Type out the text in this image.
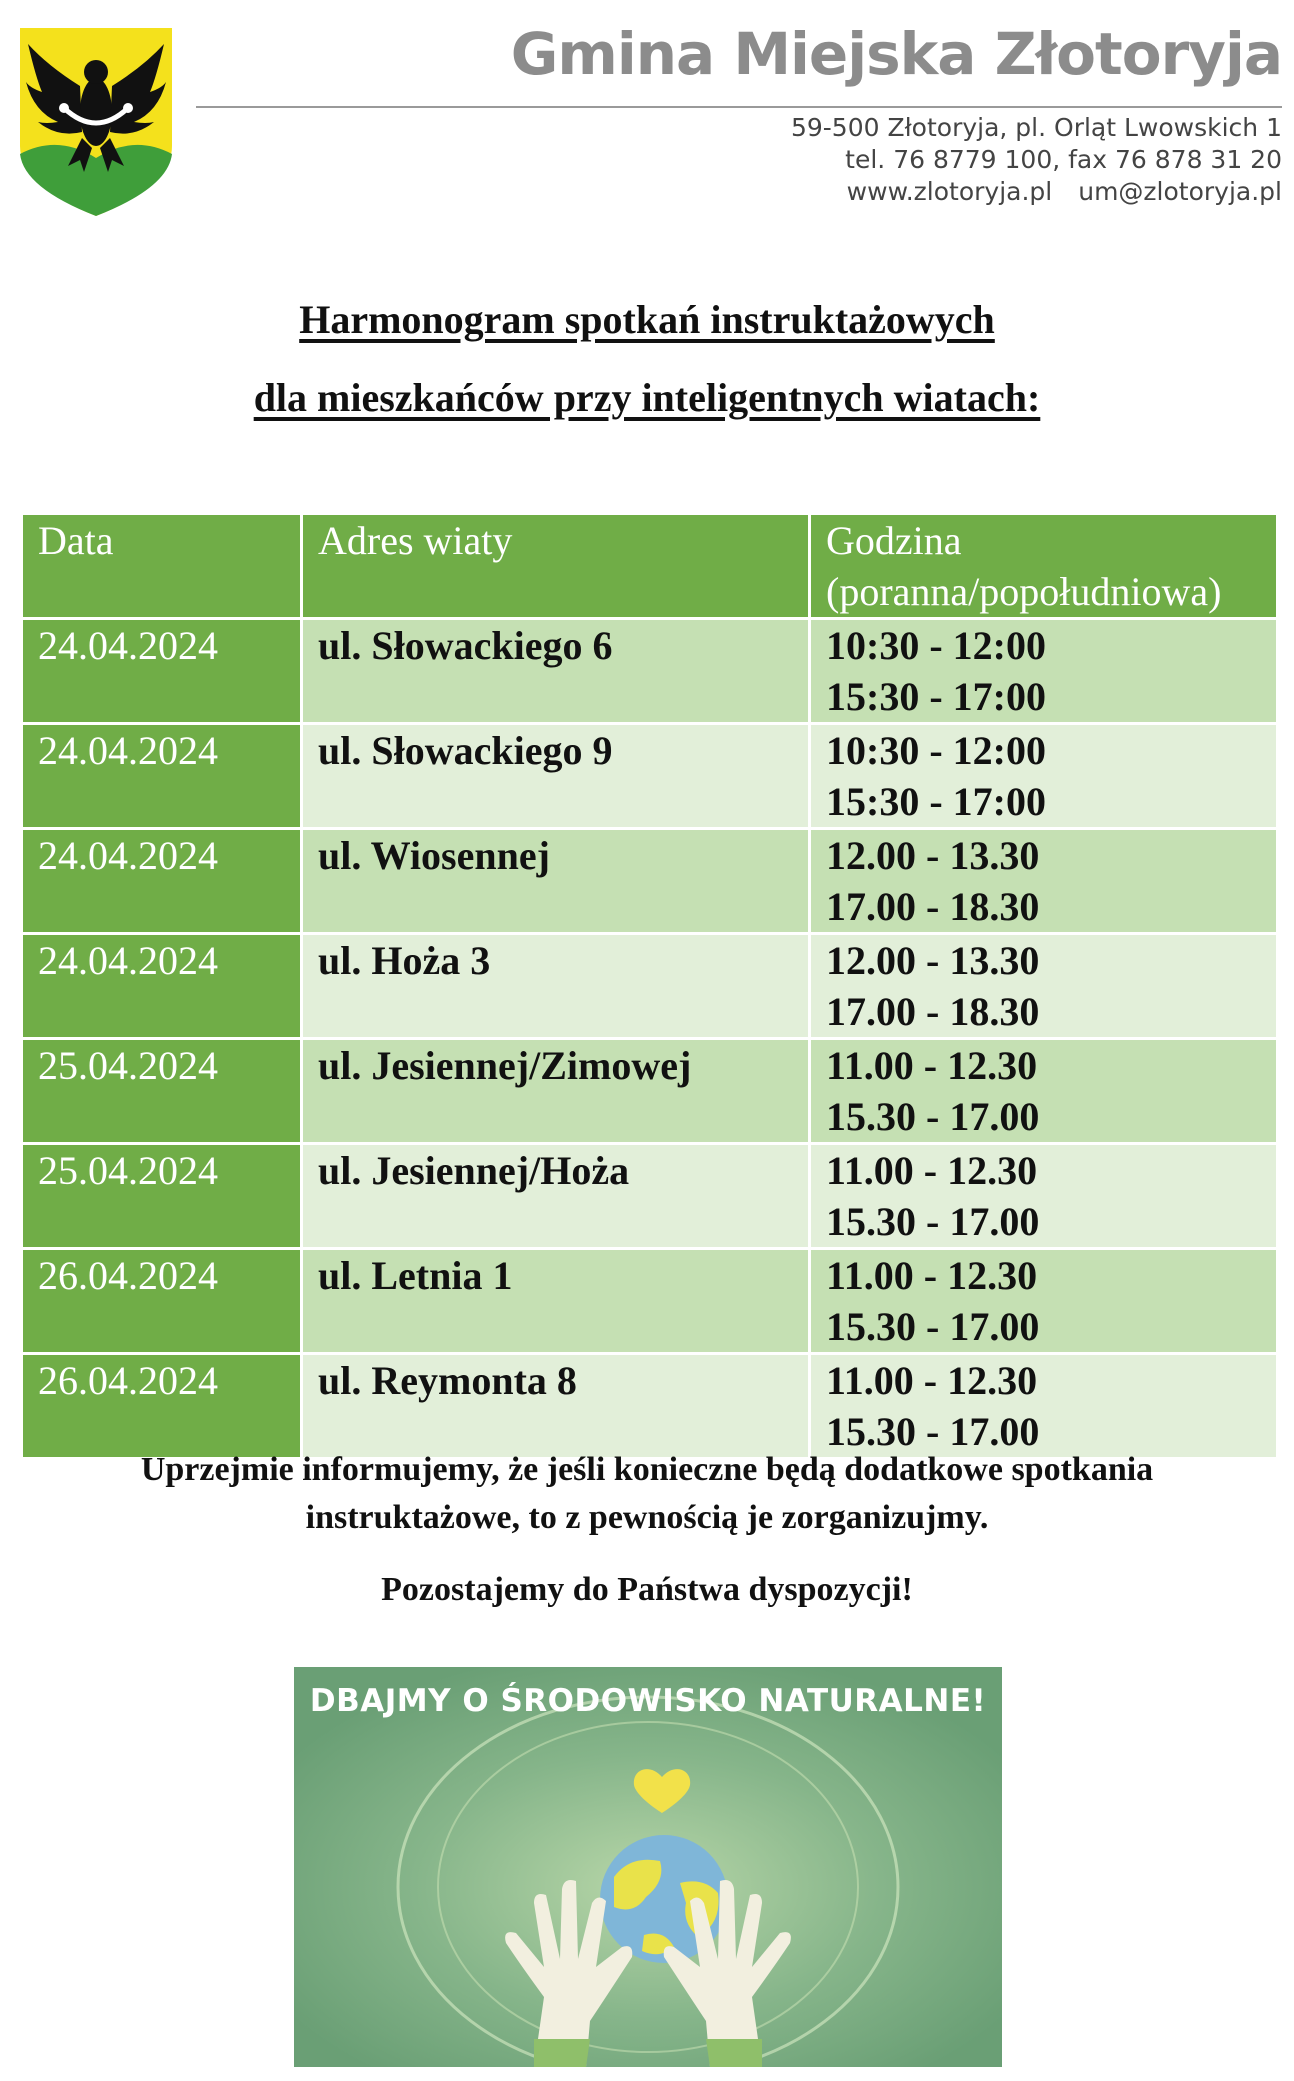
Gmina Miejska Złotoryja
59-500 Złotoryja, pl. Orląt Lwowskich 1
tel. 76 8779 100, fax 76 878 31 20
www.zlotoryja.pl um@zlotoryja.pl
Harmonogram spotkań instruktażowych
dla mieszkańców przy inteligentnych wiatach:
Data	Adres wiaty	Godzina
(poranna/popołudniowa)

24.04.2024	ul. Słowackiego 6	10:30 - 12:00
15:30 - 17:00

24.04.2024	ul. Słowackiego 9	10:30 - 12:00
15:30 - 17:00

24.04.2024	ul. Wiosennej	12.00 - 13.30
17.00 - 18.30

24.04.2024	ul. Hoża 3	12.00 - 13.30
17.00 - 18.30

25.04.2024	ul. Jesiennej/Zimowej	11.00 - 12.30
15.30 - 17.00

25.04.2024	ul. Jesiennej/Hoża	11.00 - 12.30
15.30 - 17.00

26.04.2024	ul. Letnia 1	11.00 - 12.30
15.30 - 17.00

26.04.2024	ul. Reymonta 8	11.00 - 12.30
15.30 - 17.00
Uprzejmie informujemy, że jeśli konieczne będą dodatkowe spotkania
instruktażowe, to z pewnością je zorganizujmy.
Pozostajemy do Państwa dyspozycji!
DBAJMY O ŚRODOWISKO NATURALNE!
